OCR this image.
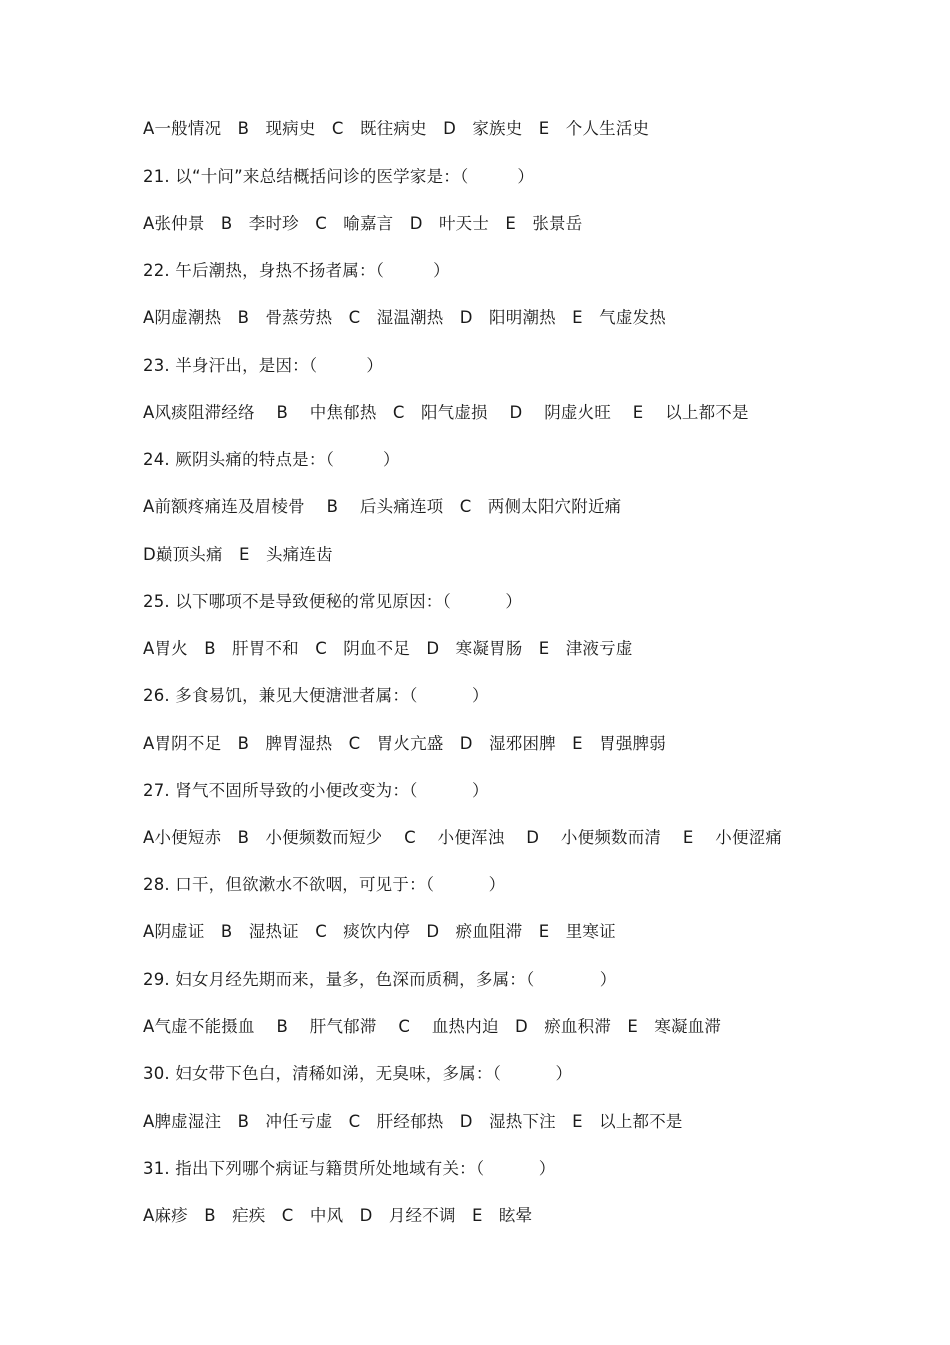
A一般情况   B   现病史   C   既往病史   D   家族史   E   个人生活史
21. 以“十问”来总结概括问诊的医学家是：（         ）
A张仲景   B   李时珍   C   喻嘉言   D   叶天士   E   张景岳
22. 午后潮热，身热不扬者属：（         ）
A阴虚潮热   B   骨蒸劳热   C   湿温潮热   D   阳明潮热   E   气虚发热
23. 半身汗出，是因：（         ）
A风痰阻滞经络    B    中焦郁热   C   阳气虚损    D    阴虚火旺    E    以上都不是
24. 厥阴头痛的特点是：（         ）
A前额疼痛连及眉棱骨    B    后头痛连项   C   两侧太阳穴附近痛
D巅顶头痛   E   头痛连齿
25. 以下哪项不是导致便秘的常见原因：（          ）
A胃火   B   肝胃不和   C   阴血不足   D   寒凝胃肠   E   津液亏虚
26. 多食易饥，兼见大便溏泄者属：（          ）
A胃阴不足   B   脾胃湿热   C   胃火亢盛   D   湿邪困脾   E   胃强脾弱
27. 肾气不固所导致的小便改变为：（          ）
A小便短赤   B   小便频数而短少    C    小便浑浊    D    小便频数而清    E    小便涩痛
28. 口干，但欲漱水不欲咽，可见于：（          ）
A阴虚证   B   湿热证   C   痰饮内停   D   瘀血阻滞   E   里寒证
29. 妇女月经先期而来，量多，色深而质稠，多属：（            ）
A气虚不能摄血    B    肝气郁滞    C    血热内迫   D   瘀血积滞   E   寒凝血滞
30. 妇女带下色白，清稀如涕，无臭味，多属：（          ）
A脾虚湿注   B   冲任亏虚   C   肝经郁热   D   湿热下注   E   以上都不是
31. 指出下列哪个病证与籍贯所处地域有关：（          ）
A麻疹   B   疟疾   C   中风   D   月经不调   E   眩晕
